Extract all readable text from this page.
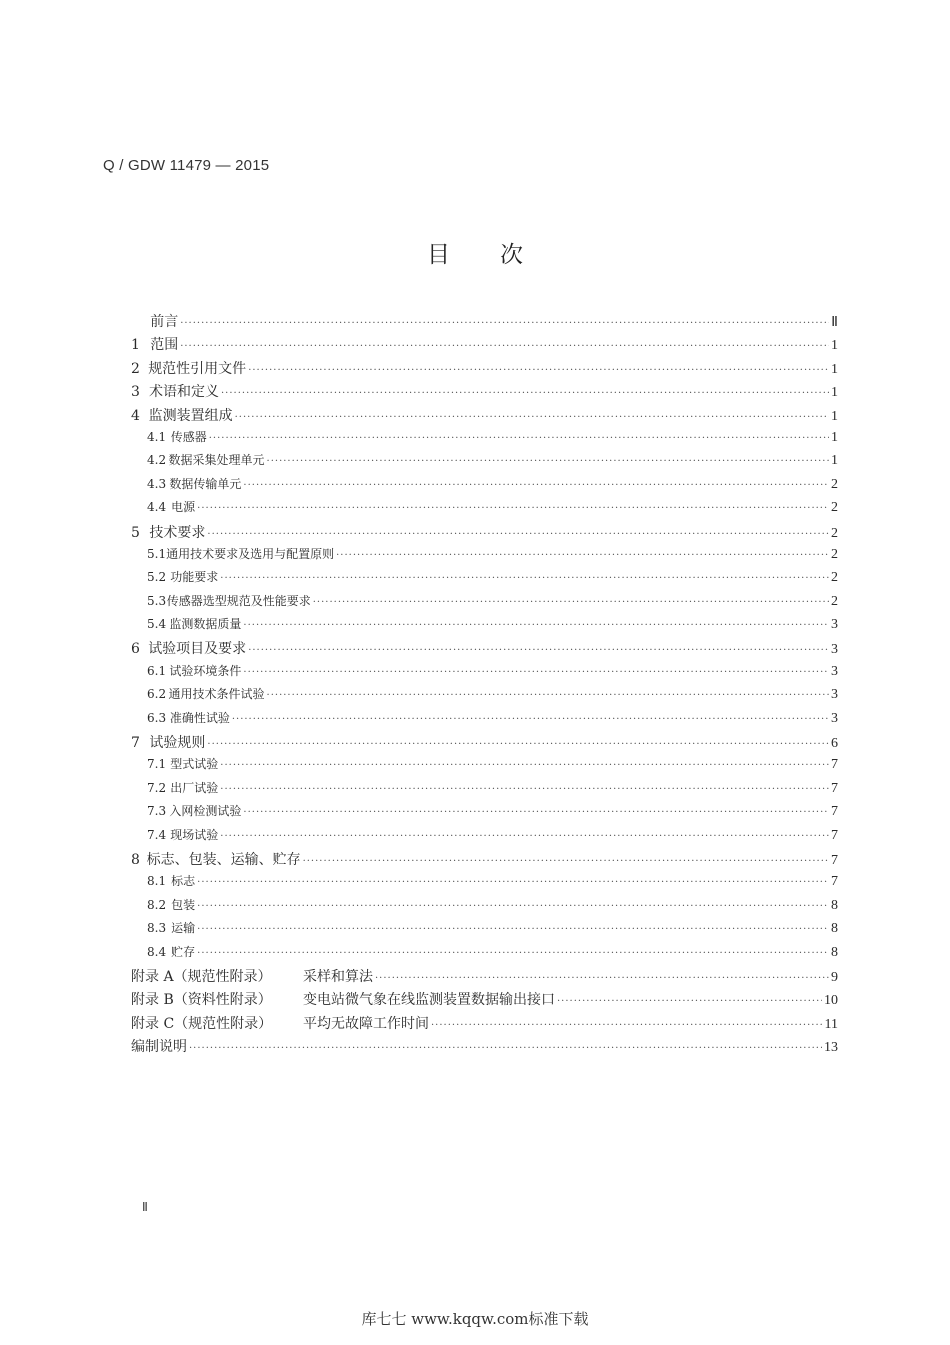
Q / GDW 11479 — 2015
目 次
前言 ·····	Ⅱ
1 范围 ·····	1
2 规范性引用文件 ·····	1
3 术语和定义 ·····	1
4 监测装置组成 ·····	1
4.1 传感器 ·····	1
4.2 数据采集处理单元 ·····	1
4.3 数据传输单元 ·····	2
4.4 电源 ·····	2
5 技术要求 ·····	2
5.1 通用技术要求及选用与配置原则 ·····	2
5.2 功能要求 ·····	2
5.3 传感器选型规范及性能要求 ·····	2
5.4 监测数据质量 ·····	3
6 试验项目及要求 ·····	3
6.1 试验环境条件 ·····	3
6.2 通用技术条件试验 ·····	3
6.3 准确性试验 ·····	3
7 试验规则 ·····	6
7.1 型式试验 ·····	7
7.2 出厂试验 ·····	7
7.3 入网检测试验 ·····	7
7.4 现场试验 ·····	7
8 标志、包装、运输、贮存 ·····	7
8.1 标志 ·····	7
8.2 包装 ·····	8
8.3 运输 ·····	8
8.4 贮存 ·····	8
附录 A（规范性附录） 采样和算法 ·····	9
附录 B（资料性附录） 变电站微气象在线监测装置数据输出接口 ·····	10
附录 C（规范性附录） 平均无故障工作时间 ·····	11
编制说明 ·····	13
Ⅱ
库七七 www.kqqw.com标准下载
